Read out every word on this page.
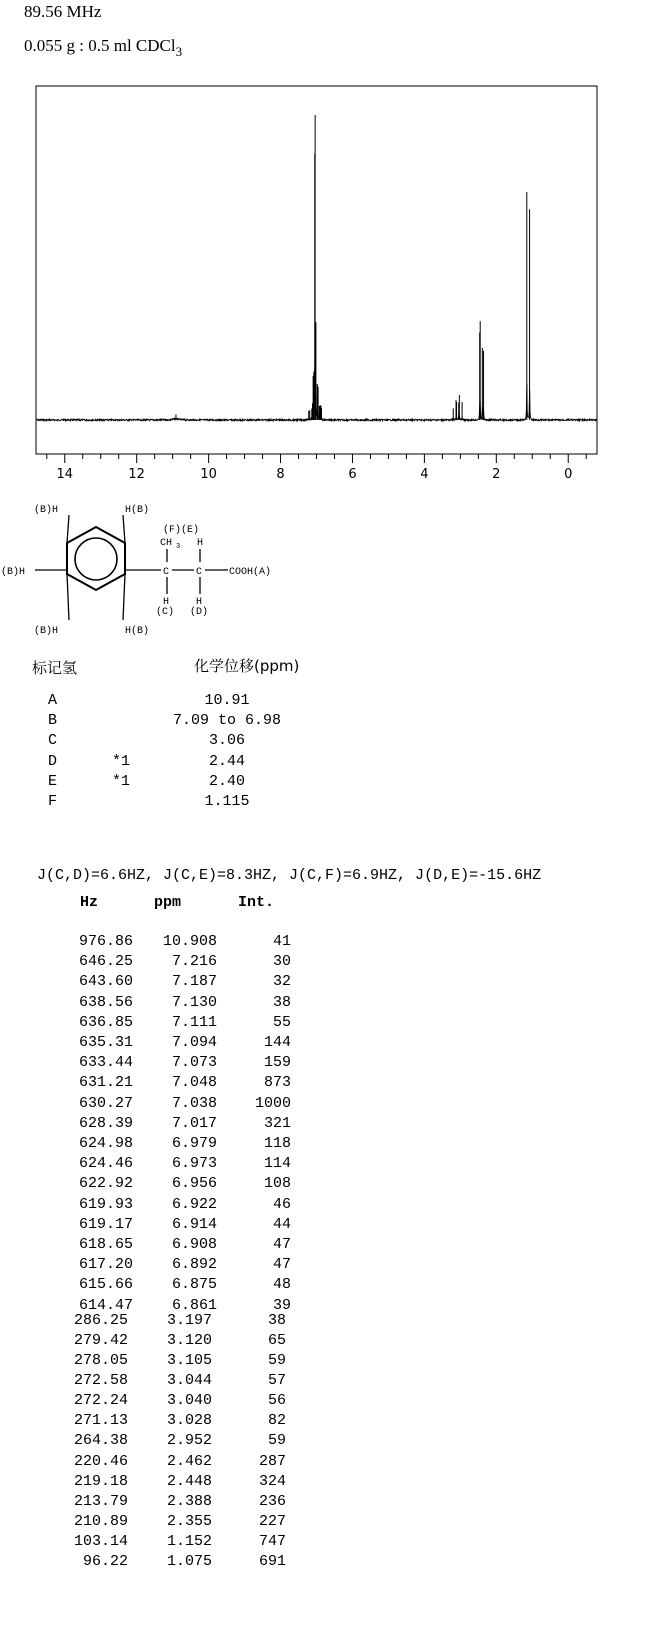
89.56 MHz
0.055 g : 0.5 ml CDCl$_3$
14	12	10	8	6	4	2	0
(B)H	H(B)
(B)H
(B)H	H(B)
(F)(E)
CH 3 H
C	C	COOH(A)
H	H
(C) (D)
标记氢	化学位移(ppm)
A	10.91
B	7.09 to 6.98
C	3.06
D	*1	2.44
E	*1	2.40
F	1.115
J(C,D)=6.6HZ, J(C,E)=8.3HZ, J(C,F)=6.9HZ, J(D,E)=-15.6HZ
Hz	ppm	Int.
976.86	10.908	41
646.25	7.216	30
643.60	7.187	32
638.56	7.130	38
636.85	7.111	55
635.31	7.094	144
633.44	7.073	159
631.21	7.048	873
630.27	7.038	1000
628.39	7.017	321
624.98	6.979	118
624.46	6.973	114
622.92	6.956	108
619.93	6.922	46
619.17	6.914	44
618.65	6.908	47
617.20	6.892	47
615.66	6.875	48
614.47	6.861	39
286.25	3.197	38
279.42	3.120	65
278.05	3.105	59
272.58	3.044	57
272.24	3.040	56
271.13	3.028	82
264.38	2.952	59
220.46	2.462	287
219.18	2.448	324
213.79	2.388	236
210.89	2.355	227
103.14	1.152	747
96.22	1.075	691
